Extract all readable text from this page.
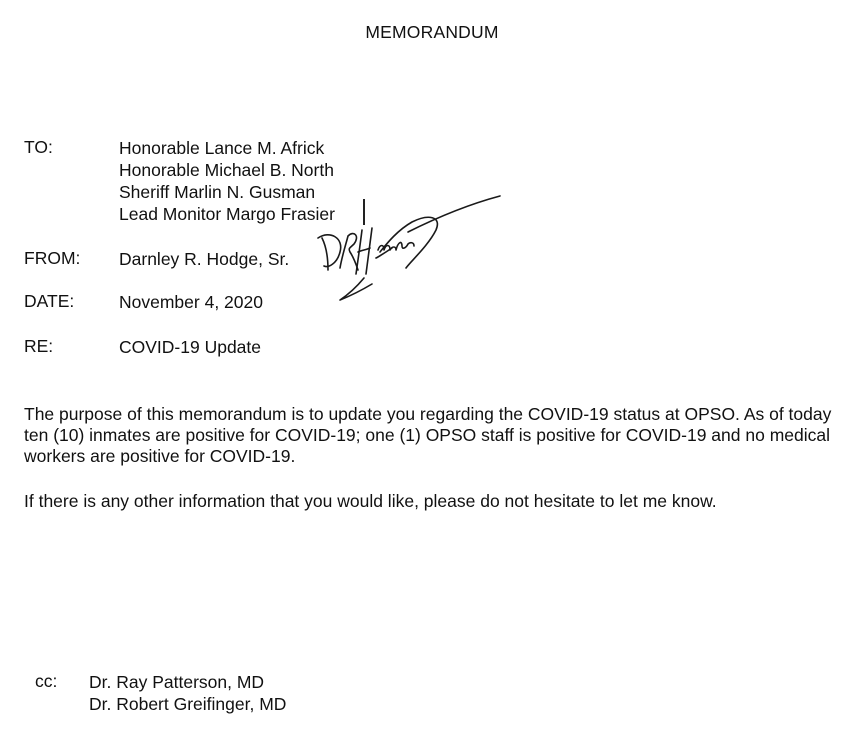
MEMORANDUM
TO:	Honorable Lance M. Africk
Honorable Michael B. North
Sheriff Marlin N. Gusman
Lead Monitor Margo Frasier
FROM: Darnley R. Hodge, Sr.
DATE:	November 4, 2020
RE:	COVID-19 Update
The purpose of this memorandum is to update you regarding the COVID-19 status at OPSO. As of today ten (10) inmates are positive for COVID-19; one (1) OPSO staff is positive for COVID-19 and no medical workers are positive for COVID-19.
If there is any other information that you would like, please do not hesitate to let me know.
cc: Dr. Ray Patterson, MD
Dr. Robert Greifinger, MD
